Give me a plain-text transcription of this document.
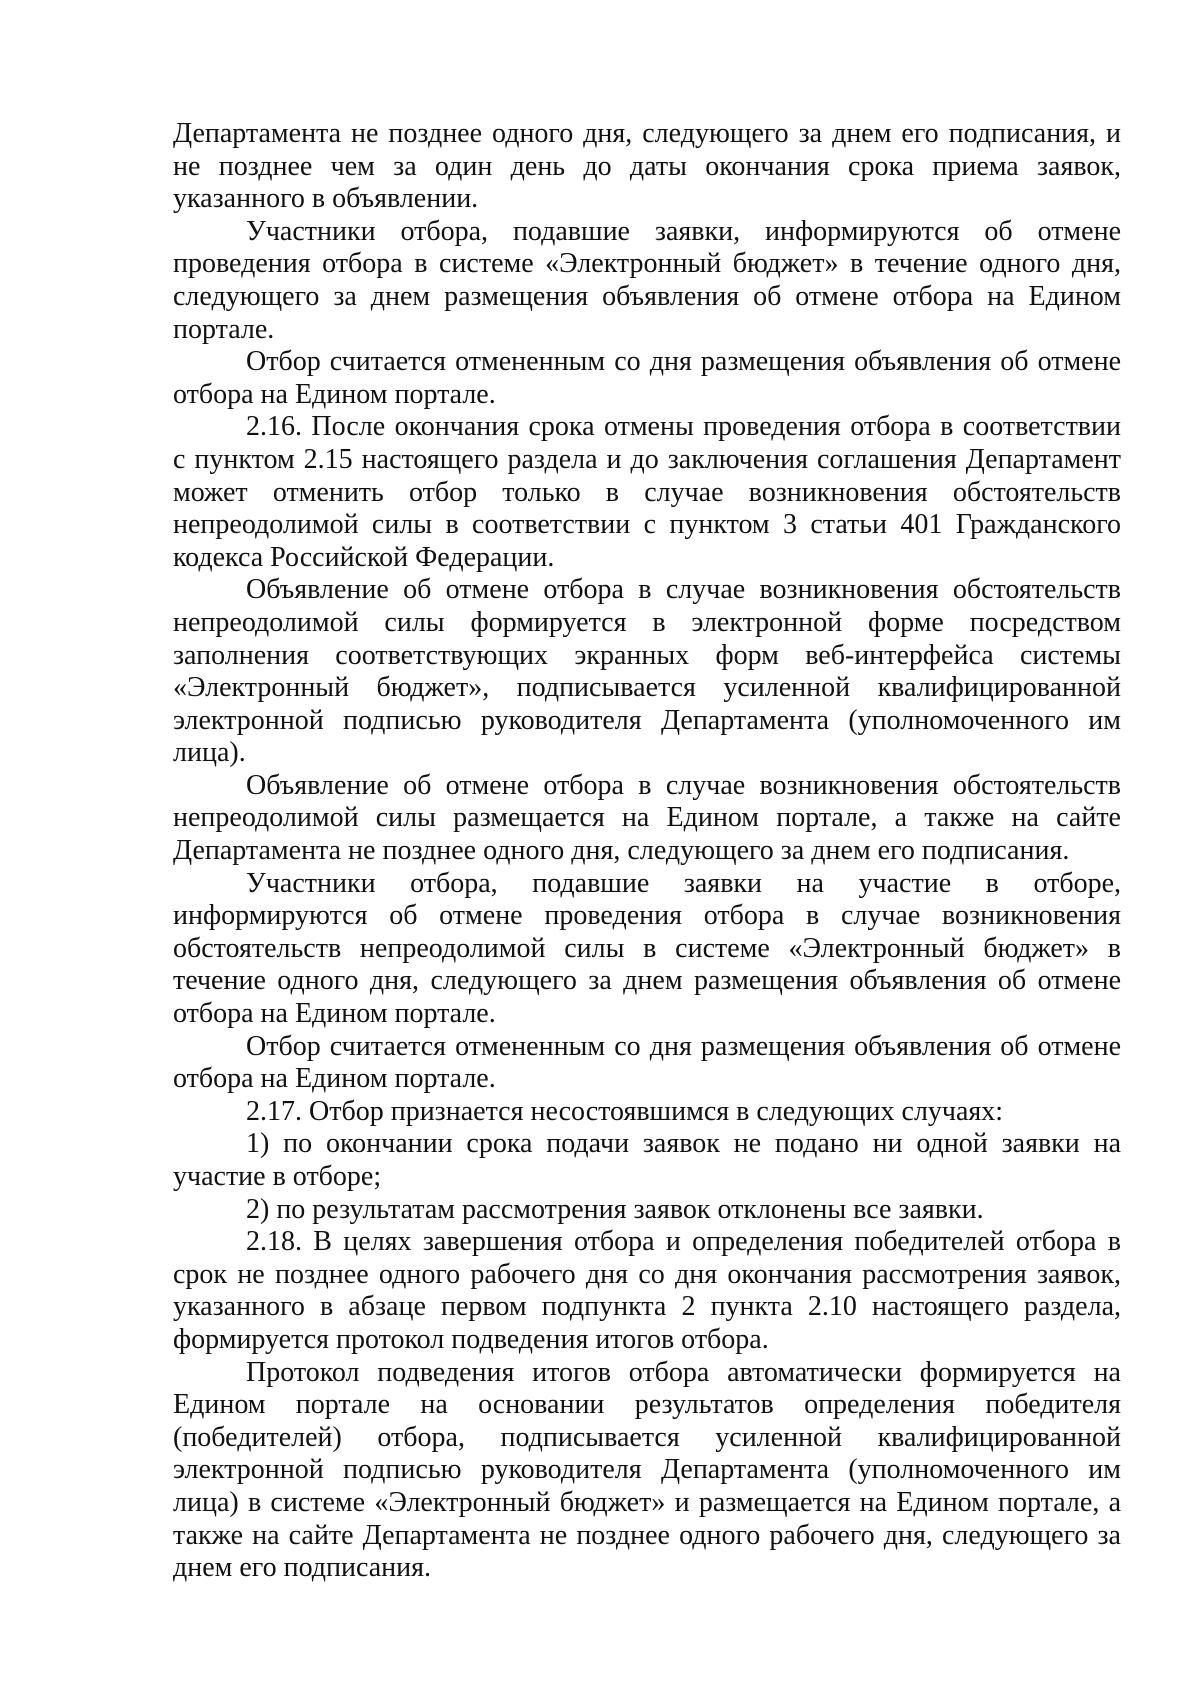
Департамента не позднее одного дня, следующего за днем его подписания, и не позднее чем за один день до даты окончания срока приема заявок, указанного в объявлении.

Участники отбора, подавшие заявки, информируются об отмене проведения отбора в системе «Электронный бюджет» в течение одного дня, следующего за днем размещения объявления об отмене отбора на Едином портале.

Отбор считается отмененным со дня размещения объявления об отмене отбора на Едином портале.

2.16. После окончания срока отмены проведения отбора в соответствии с пунктом 2.15 настоящего раздела и до заключения соглашения Департамент может отменить отбор только в случае возникновения обстоятельств непреодолимой силы в соответствии с пунктом 3 статьи 401 Гражданского кодекса Российской Федерации.

Объявление об отмене отбора в случае возникновения обстоятельств непреодолимой силы формируется в электронной форме посредством заполнения соответствующих экранных форм веб-интерфейса системы «Электронный бюджет», подписывается усиленной квалифицированной электронной подписью руководителя Департамента (уполномоченного им лица).

Объявление об отмене отбора в случае возникновения обстоятельств непреодолимой силы размещается на Едином портале, а также на сайте Департамента не позднее одного дня, следующего за днем его подписания.

Участники отбора, подавшие заявки на участие в отборе, информируются об отмене проведения отбора в случае возникновения обстоятельств непреодолимой силы в системе «Электронный бюджет» в течение одного дня, следующего за днем размещения объявления об отмене отбора на Едином портале.

Отбор считается отмененным со дня размещения объявления об отмене отбора на Едином портале.

2.17. Отбор признается несостоявшимся в следующих случаях:

1) по окончании срока подачи заявок не подано ни одной заявки на участие в отборе;

2) по результатам рассмотрения заявок отклонены все заявки.

2.18. В целях завершения отбора и определения победителей отбора в срок не позднее одного рабочего дня со дня окончания рассмотрения заявок, указанного в абзаце первом подпункта 2 пункта 2.10 настоящего раздела, формируется протокол подведения итогов отбора.

Протокол подведения итогов отбора автоматически формируется на Едином портале на основании результатов определения победителя (победителей) отбора, подписывается усиленной квалифицированной электронной подписью руководителя Департамента (уполномоченного им лица) в системе «Электронный бюджет» и размещается на Едином портале, а также на сайте Департамента не позднее одного рабочего дня, следующего за днем его подписания.
